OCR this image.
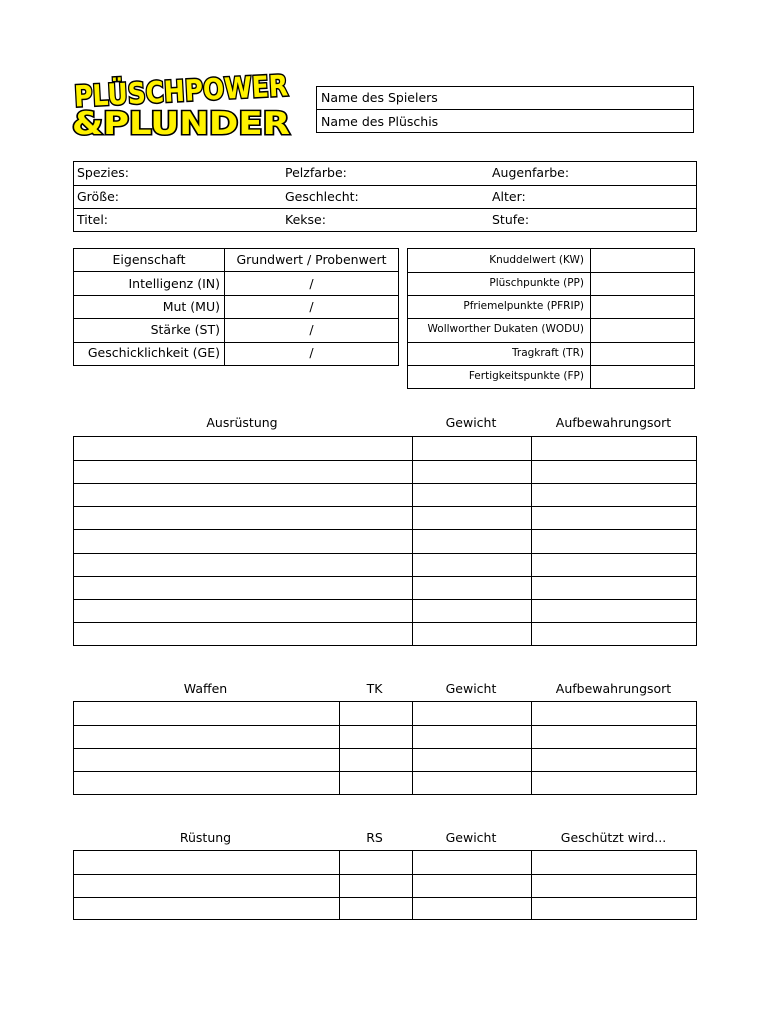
PLÜSCHPOWER
&PLUNDER
Name des Spielers
Name des Plüschis
Spezies:	Pelzfarbe:	Augenfarbe:
Größe:	Geschlecht:	Alter:
Titel:	Kekse:	Stufe:
Eigenschaft	Grundwert / Probenwert
Intelligenz (IN)	/
Mut (MU)	/
Stärke (ST)	/
Geschicklichkeit (GE)	/
Knuddelwert (KW)
Plüschpunkte (PP)
Pfriemelpunkte (PFRIP)
Wollworther Dukaten (WODU)
Tragkraft (TR)
Fertigkeitspunkte (FP)
Ausrüstung	Gewicht	Aufbewahrungsort
Waffen	TK	Gewicht	Aufbewahrungsort
Rüstung	RS	Gewicht	Geschützt wird...
